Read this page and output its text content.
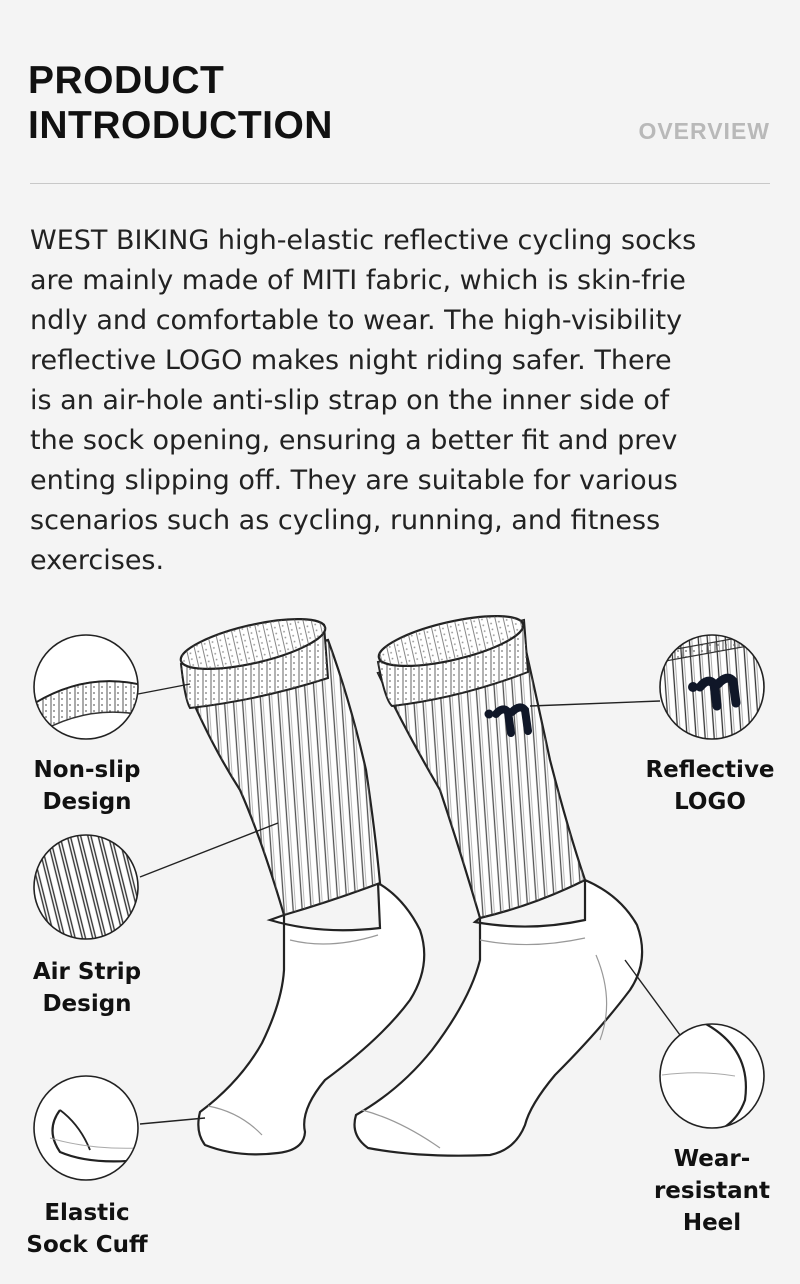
PRODUCT
INTRODUCTION	OVERVIEW

WEST BIKING high-elastic reflective cycling socks
are mainly made of MITI fabric, which is skin-frie
ndly and comfortable to wear. The high-visibility
reflective LOGO makes night riding safer. There
is an air-hole anti-slip strap on the inner side of
the sock opening, ensuring a better fit and prev
enting slipping off. They are suitable for various
scenarios such as cycling, running, and fitness
exercises.

Non-slip
Design
Air Strip
Design
Elastic
Sock Cuff
Reflective
LOGO
Wear-
resistant
Heel
